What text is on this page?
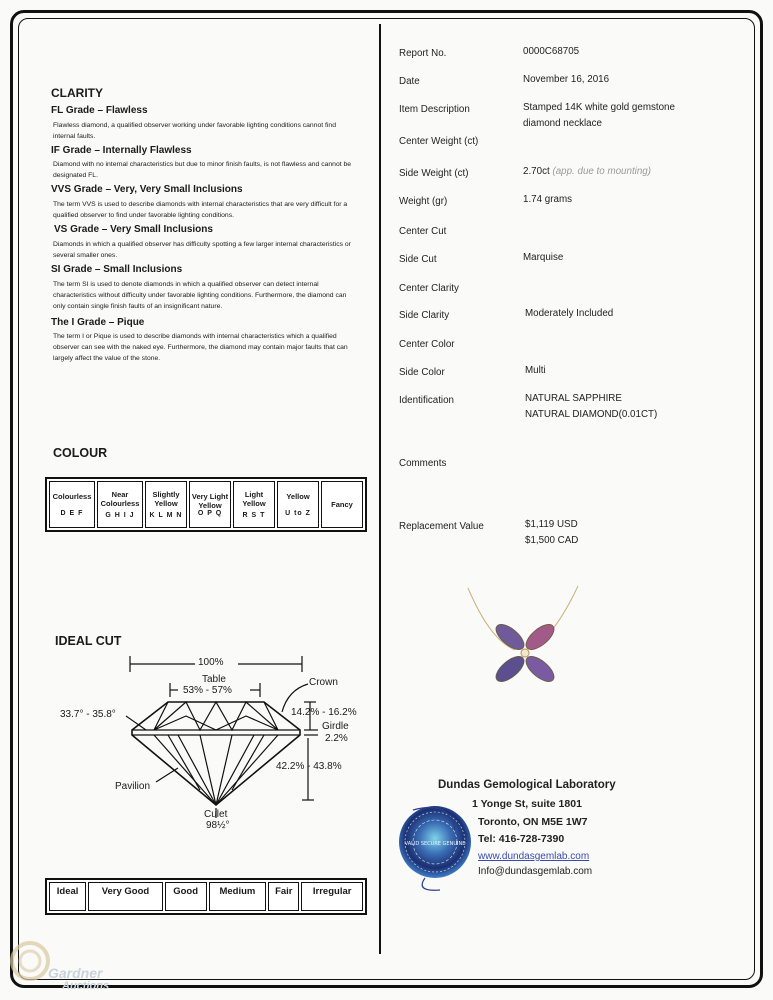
CLARITY
FL Grade – Flawless
Flawless diamond, a qualified observer working under favorable lighting conditions cannot find internal faults.
IF Grade – Internally Flawless
Diamond with no internal characteristics but due to minor finish faults, is not flawless and cannot be designated FL.
VVS Grade – Very, Very Small Inclusions
The term VVS is used to describe diamonds with internal characteristics that are very difficult for a qualified observer to find under favorable lighting conditions.
VS Grade – Very Small Inclusions
Diamonds in which a qualified observer has difficulty spotting a few larger internal characteristics or several smaller ones.
SI Grade – Small Inclusions
The term SI is used to denote diamonds in which a qualified observer can detect internal characteristics without difficulty under favorable lighting conditions. Furthermore, the diamond can only contain single finish faults of an insignificant nature.
The I Grade – Pique
The term I or Pique is used to describe diamonds with internal characteristics which a qualified observer can see with the naked eye. Furthermore, the diamond may contain major faults that can largely affect the value of the stone.
COLOUR
Colourless
D E F

Near Colourless
G H I J

Slightly Yellow
K L M N

Very Light Yellow
O P Q

Light Yellow
R S T

Yellow
U to Z

Fancy
IDEAL CUT
100%
Table
53% - 57%
Crown
33.7° - 35.8°	14.2% - 16.2%
Girdle
2.2%
42.2% - 43.8%
Pavilion
Culet
98½°
Ideal	Very Good	Good	Medium	Fair	Irregular
Report No.	0000C68705
Date	November 16, 2016
Item Description	Stamped 14K white gold gemstone diamond necklace
Center Weight (ct)
Side Weight (ct)	2.70ct (app. due to mounting)
Weight (gr)	1.74 grams
Center Cut
Side Cut	Marquise
Center Clarity
Side Clarity	Moderately Included
Center Color
Side Color	Multi
Identification	NATURAL SAPPHIRE
NATURAL DIAMOND(0.01CT)
Comments
Replacement Value	$1,119 USD
$1,500 CAD
VALID SECURE GENUINE
Dundas Gemological Laboratory
1 Yonge St, suite 1801
Toronto, ON M5E 1W7
Tel: 416-728-7390
www.dundasgemlab.com
Info@dundasgemlab.com
Gardner
Auctions
